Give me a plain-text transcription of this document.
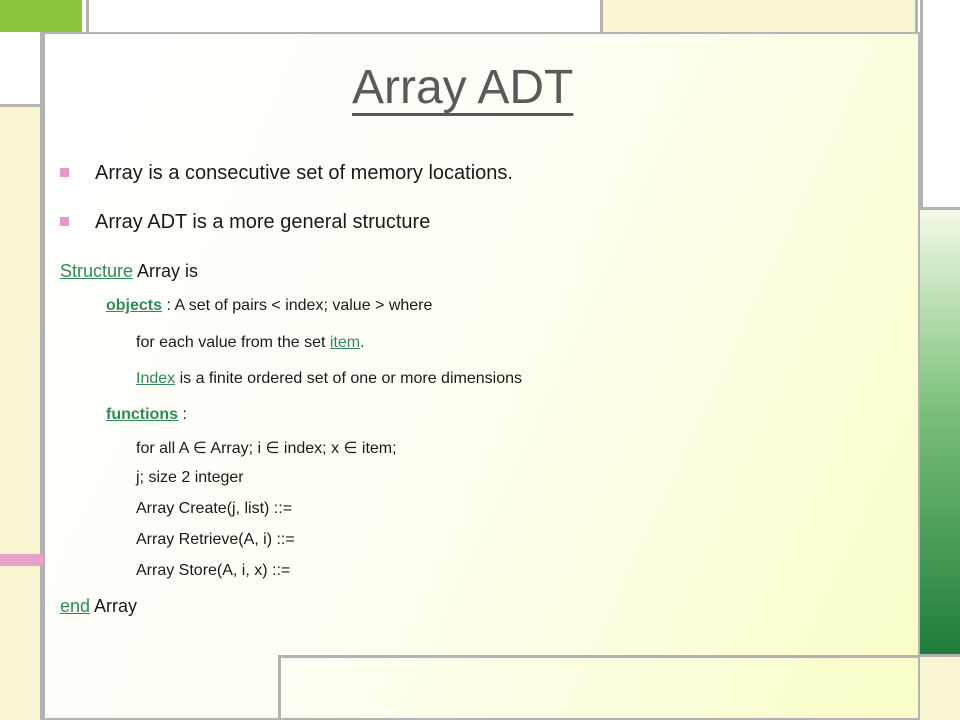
Array ADT
Array is a consecutive set of memory locations.
Array ADT is a more general structure
Structure Array is
objects : A set of pairs < index; value > where
for each value from the set item.
Index is a finite ordered set of one or more dimensions
functions :
for all A ∈ Array; i ∈ index; x ∈ item;
j; size 2 integer
Array Create(j, list) ::=
Array Retrieve(A, i) ::=
Array Store(A, i, x) ::=
end Array
